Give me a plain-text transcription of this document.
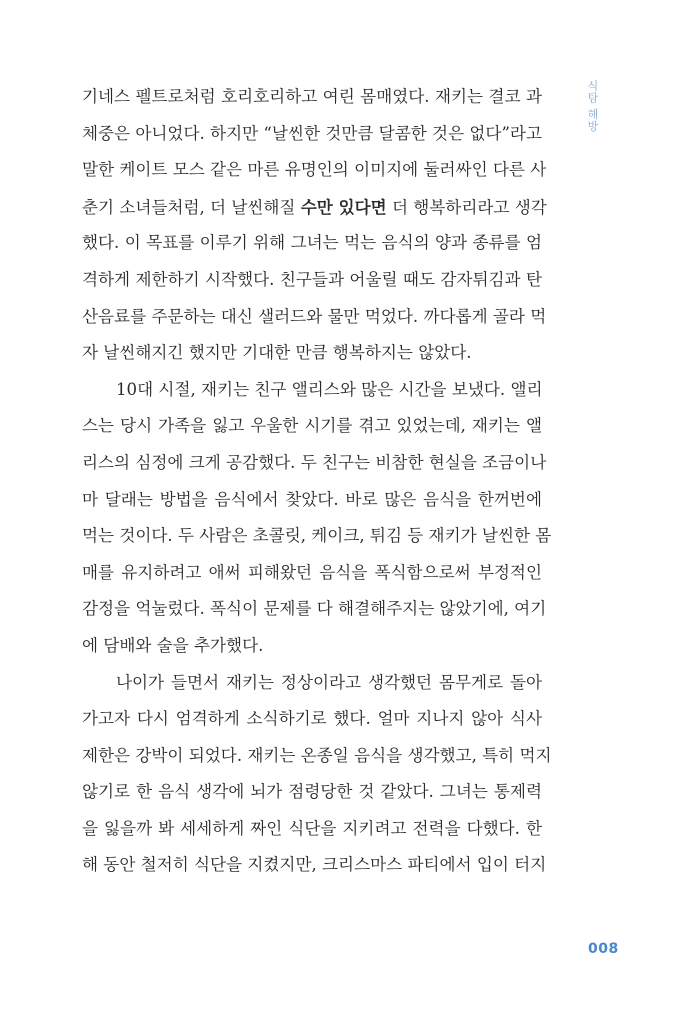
기네스 펠트로처럼 호리호리하고 여린 몸매였다. 재키는 결코 과
체중은 아니었다. 하지만 “날씬한 것만큼 달콤한 것은 없다”라고
말한 케이트 모스 같은 마른 유명인의 이미지에 둘러싸인 다른 사
춘기 소녀들처럼, 더 날씬해질 수만 있다면 더 행복하리라고 생각
했다. 이 목표를 이루기 위해 그녀는 먹는 음식의 양과 종류를 엄
격하게 제한하기 시작했다. 친구들과 어울릴 때도 감자튀김과 탄
산음료를 주문하는 대신 샐러드와 물만 먹었다. 까다롭게 골라 먹
자 날씬해지긴 했지만 기대한 만큼 행복하지는 않았다.
10대 시절, 재키는 친구 앨리스와 많은 시간을 보냈다. 앨리
스는 당시 가족을 잃고 우울한 시기를 겪고 있었는데, 재키는 앨
리스의 심정에 크게 공감했다. 두 친구는 비참한 현실을 조금이나
마 달래는 방법을 음식에서 찾았다. 바로 많은 음식을 한꺼번에
먹는 것이다. 두 사람은 초콜릿, 케이크, 튀김 등 재키가 날씬한 몸
매를 유지하려고 애써 피해왔던 음식을 폭식함으로써 부정적인
감정을 억눌렀다. 폭식이 문제를 다 해결해주지는 않았기에, 여기
에 담배와 술을 추가했다.
나이가 들면서 재키는 정상이라고 생각했던 몸무게로 돌아
가고자 다시 엄격하게 소식하기로 했다. 얼마 지나지 않아 식사
제한은 강박이 되었다. 재키는 온종일 음식을 생각했고, 특히 먹지
않기로 한 음식 생각에 뇌가 점령당한 것 같았다. 그녀는 통제력
을 잃을까 봐 세세하게 짜인 식단을 지키려고 전력을 다했다. 한
해 동안 철저히 식단을 지켰지만, 크리스마스 파티에서 입이 터지
식탐 해방
008
